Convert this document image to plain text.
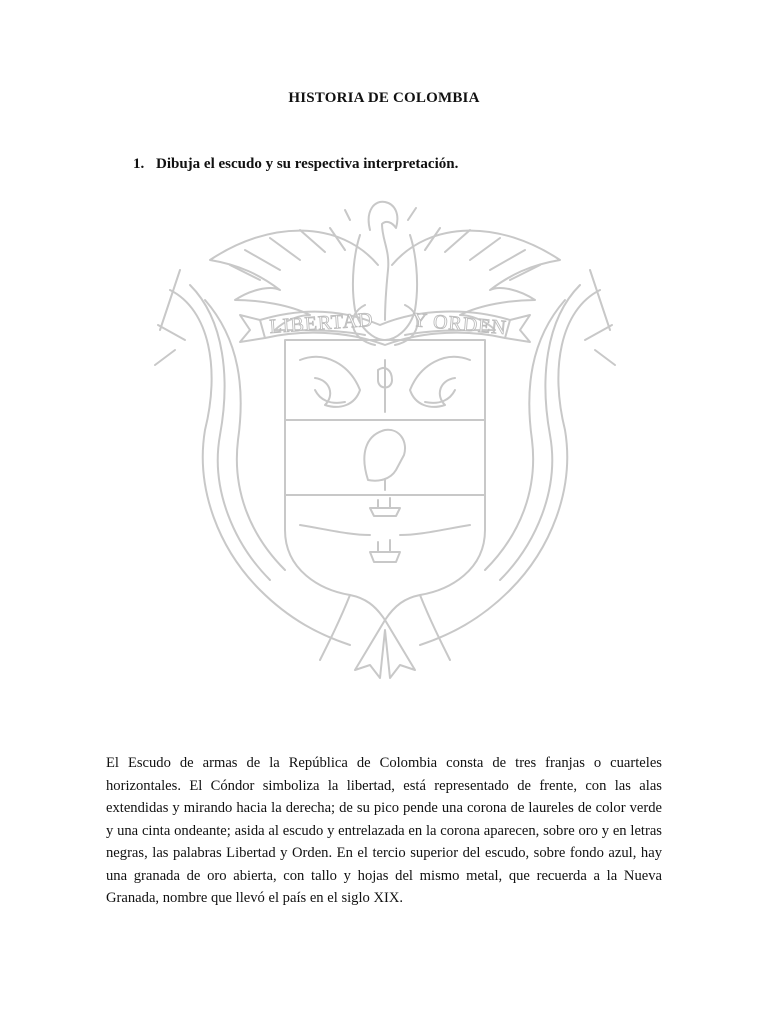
HISTORIA DE COLOMBIA
1. Dibuja el escudo y su respectiva interpretación.
LIBERTAD Y ORDEN
El Escudo de armas de la República de Colombia consta de tres franjas o cuarteles horizontales. El Cóndor simboliza la libertad, está representado de frente, con las alas extendidas y mirando hacia la derecha; de su pico pende una corona de laureles de color verde y una cinta ondeante; asida al escudo y entrelazada en la corona aparecen, sobre oro y en letras negras, las palabras Libertad y Orden. En el tercio superior del escudo, sobre fondo azul, hay una granada de oro abierta, con tallo y hojas del mismo metal, que recuerda a la Nueva Granada, nombre que llevó el país en el siglo XIX.
